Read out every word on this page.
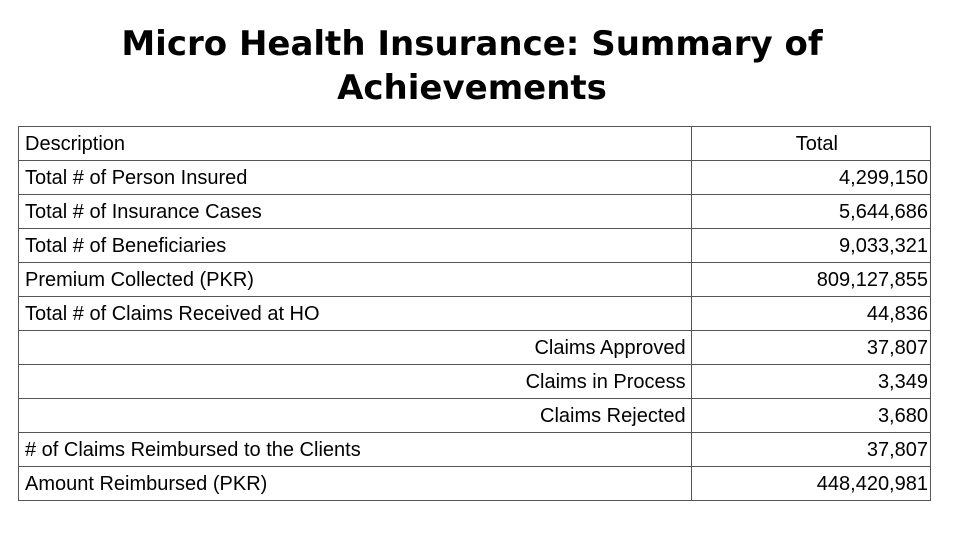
Micro Health Insurance: Summary of
Achievements
Description	Total
Total # of Person Insured	4,299,150
Total # of Insurance Cases	5,644,686
Total # of Beneficiaries	9,033,321
Premium Collected (PKR)	809,127,855
Total # of Claims Received at HO	44,836
Claims Approved	37,807
Claims in Process	3,349
Claims Rejected	3,680
# of Claims Reimbursed to the Clients	37,807
Amount Reimbursed (PKR)	448,420,981
